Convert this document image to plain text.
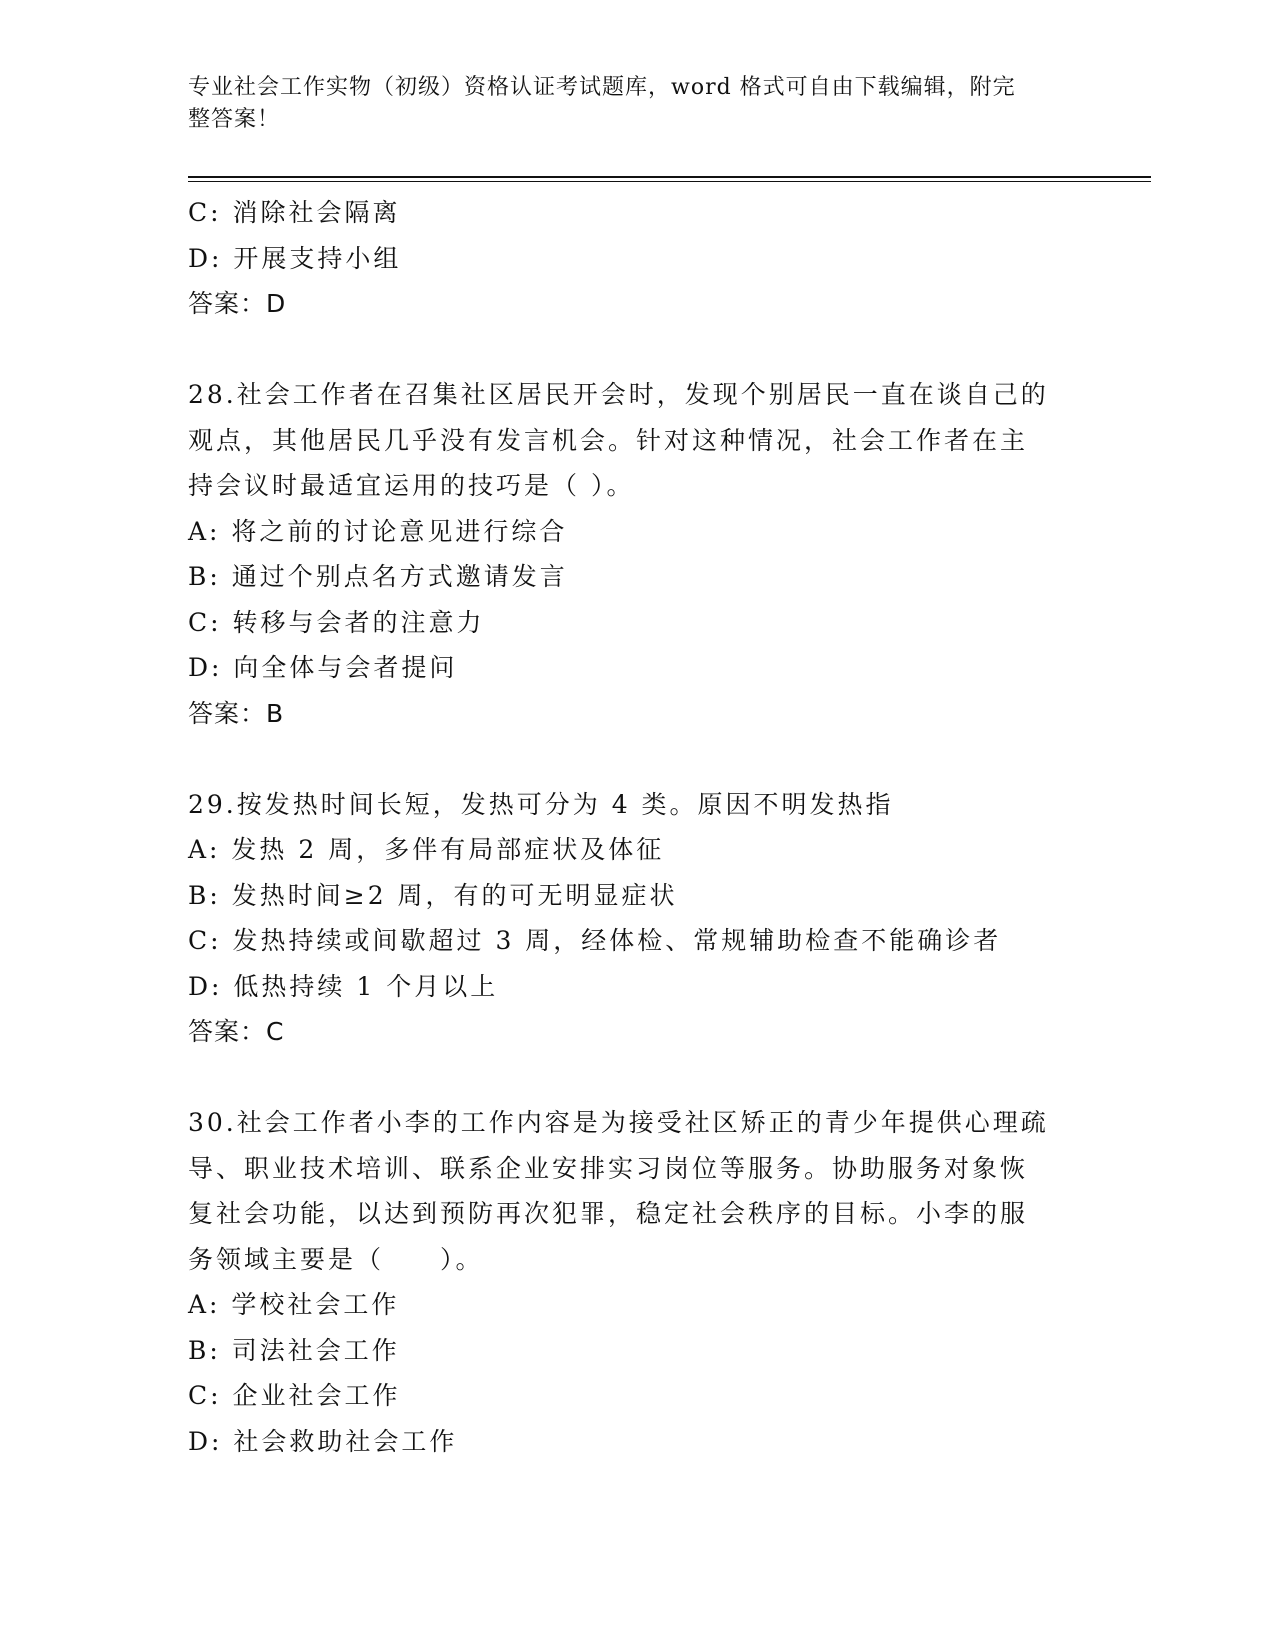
专业社会工作实物（初级）资格认证考试题库，word 格式可自由下载编辑，附完
整答案！
C: 消除社会隔离
D: 开展支持小组
答案：D
28.社会工作者在召集社区居民开会时，发现个别居民一直在谈自己的
观点，其他居民几乎没有发言机会。针对这种情况，社会工作者在主
持会议时最适宜运用的技巧是（ ）。
A: 将之前的讨论意见进行综合
B: 通过个别点名方式邀请发言
C: 转移与会者的注意力
D: 向全体与会者提问
答案：B
29.按发热时间长短，发热可分为 4 类。原因不明发热指
A: 发热 2 周，多伴有局部症状及体征
B: 发热时间≥2 周，有的可无明显症状
C: 发热持续或间歇超过 3 周，经体检、常规辅助检查不能确诊者
D: 低热持续 1 个月以上
答案：C
30.社会工作者小李的工作内容是为接受社区矫正的青少年提供心理疏
导、职业技术培训、联系企业安排实习岗位等服务。协助服务对象恢
复社会功能，以达到预防再次犯罪，稳定社会秩序的目标。小李的服
务领域主要是（　　）。
A: 学校社会工作
B: 司法社会工作
C: 企业社会工作
D: 社会救助社会工作
